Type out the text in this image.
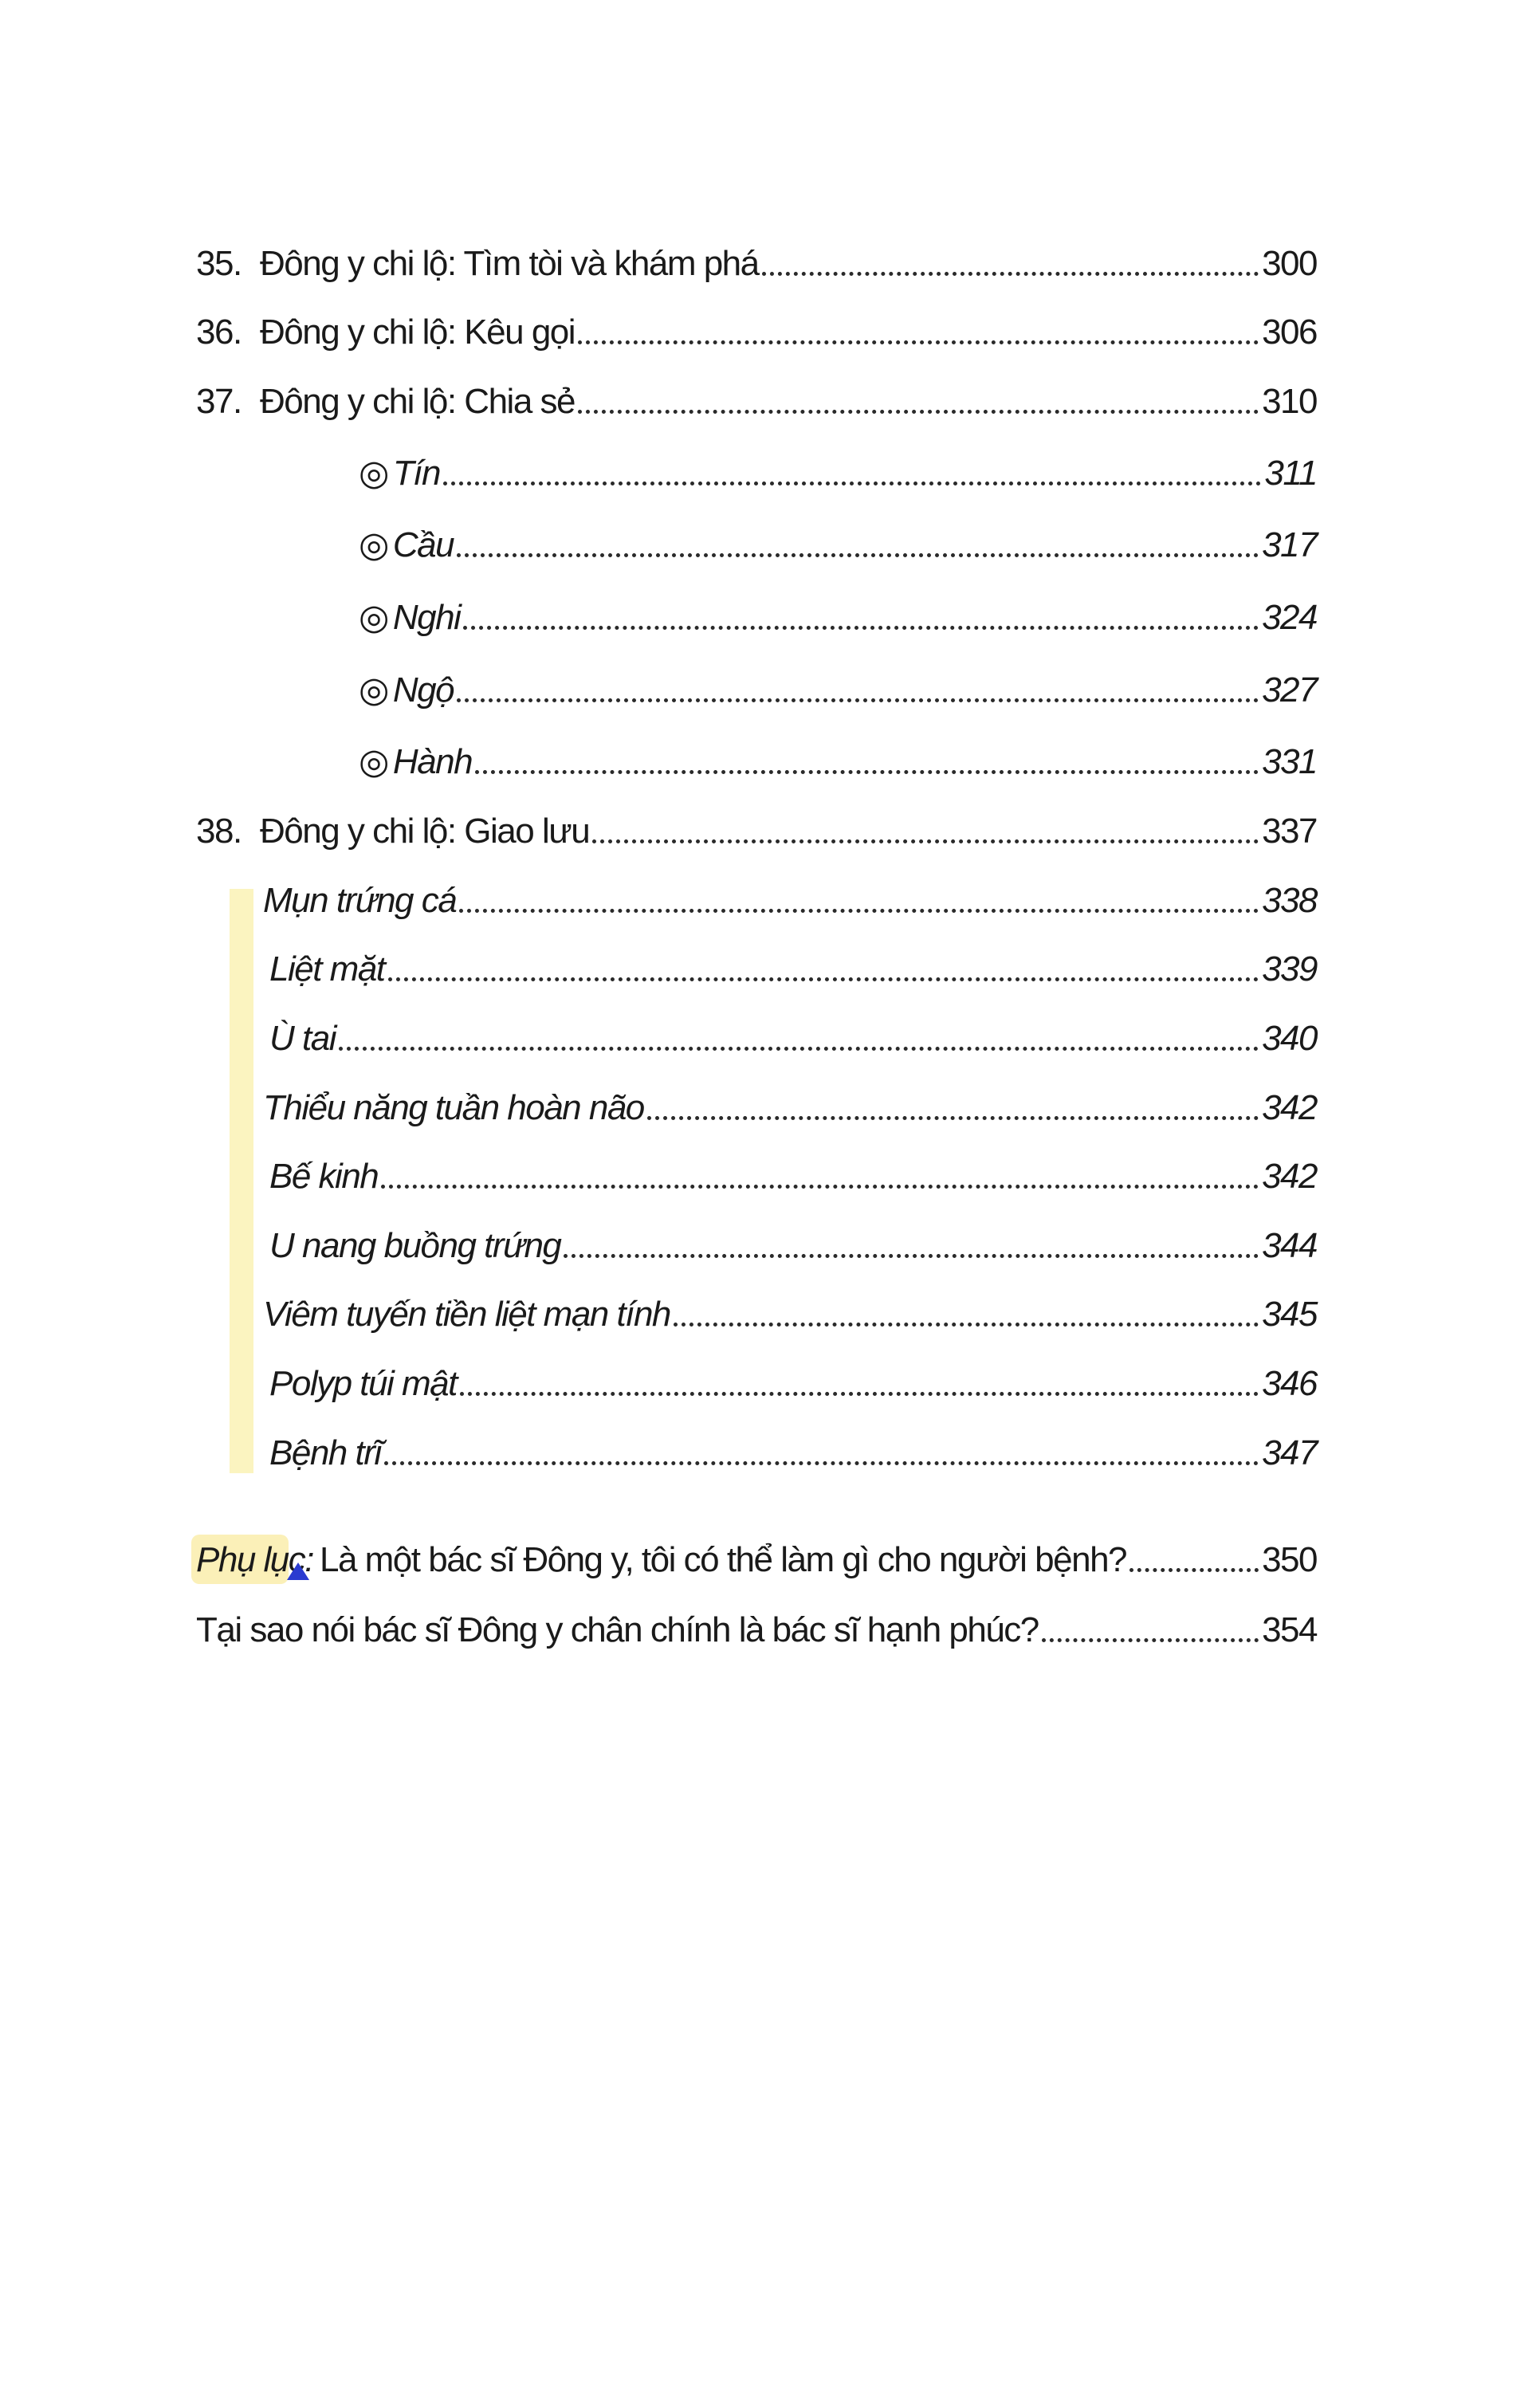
35. Đông y chi lộ: Tìm tòi và khám phá	300
36. Đông y chi lộ: Kêu gọi	306
37. Đông y chi lộ: Chia sẻ	310
◎ Tín	311
◎ Cầu	317
◎ Nghi	324
◎ Ngộ	327
◎ Hành	331
38. Đông y chi lộ: Giao lưu	337
Mụn trứng cá	338
Liệt mặt	339
Ù tai	340
Thiểu năng tuần hoàn não	342
Bế kinh	342
U nang buồng trứng	344
Viêm tuyến tiền liệt mạn tính	345
Polyp túi mật	346
Bệnh trĩ	347
Phụ lục: Là một bác sĩ Đông y, tôi có thể làm gì cho người bệnh?	350
Tại sao nói bác sĩ Đông y chân chính là bác sĩ hạnh phúc?	354
